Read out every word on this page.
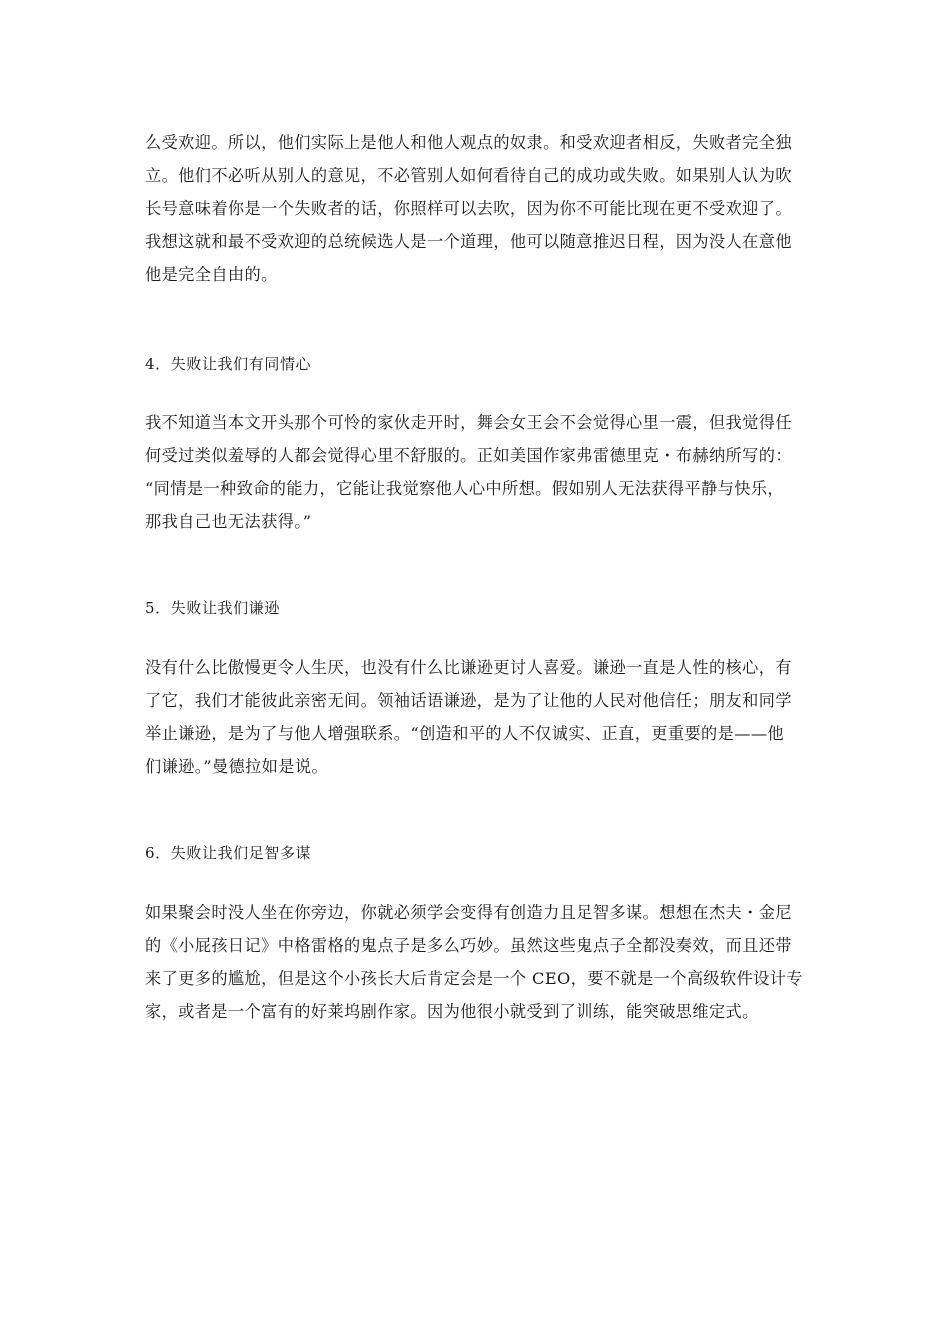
么受欢迎。所以，他们实际上是他人和他人观点的奴隶。和受欢迎者相反，失败者完全独
立。他们不必听从别人的意见，不必管别人如何看待自己的成功或失败。如果别人认为吹
长号意味着你是一个失败者的话，你照样可以去吹，因为你不可能比现在更不受欢迎了。
我想这就和最不受欢迎的总统候选人是一个道理，他可以随意推迟日程，因为没人在意他
他是完全自由的。
4．失败让我们有同情心
我不知道当本文开头那个可怜的家伙走开时，舞会女王会不会觉得心里一震，但我觉得任
何受过类似羞辱的人都会觉得心里不舒服的。正如美国作家弗雷德里克・布赫纳所写的：
“同情是一种致命的能力，它能让我觉察他人心中所想。假如别人无法获得平静与快乐，
那我自己也无法获得。”
5．失败让我们谦逊
没有什么比傲慢更令人生厌，也没有什么比谦逊更讨人喜爱。谦逊一直是人性的核心，有
了它，我们才能彼此亲密无间。领袖话语谦逊，是为了让他的人民对他信任；朋友和同学
举止谦逊，是为了与他人增强联系。“创造和平的人不仅诚实、正直，更重要的是——他
们谦逊。”曼德拉如是说。
6．失败让我们足智多谋
如果聚会时没人坐在你旁边，你就必须学会变得有创造力且足智多谋。想想在杰夫・金尼
的《小屁孩日记》中格雷格的鬼点子是多么巧妙。虽然这些鬼点子全都没奏效，而且还带
来了更多的尴尬，但是这个小孩长大后肯定会是一个 CEO，要不就是一个高级软件设计专
家，或者是一个富有的好莱坞剧作家。因为他很小就受到了训练，能突破思维定式。
